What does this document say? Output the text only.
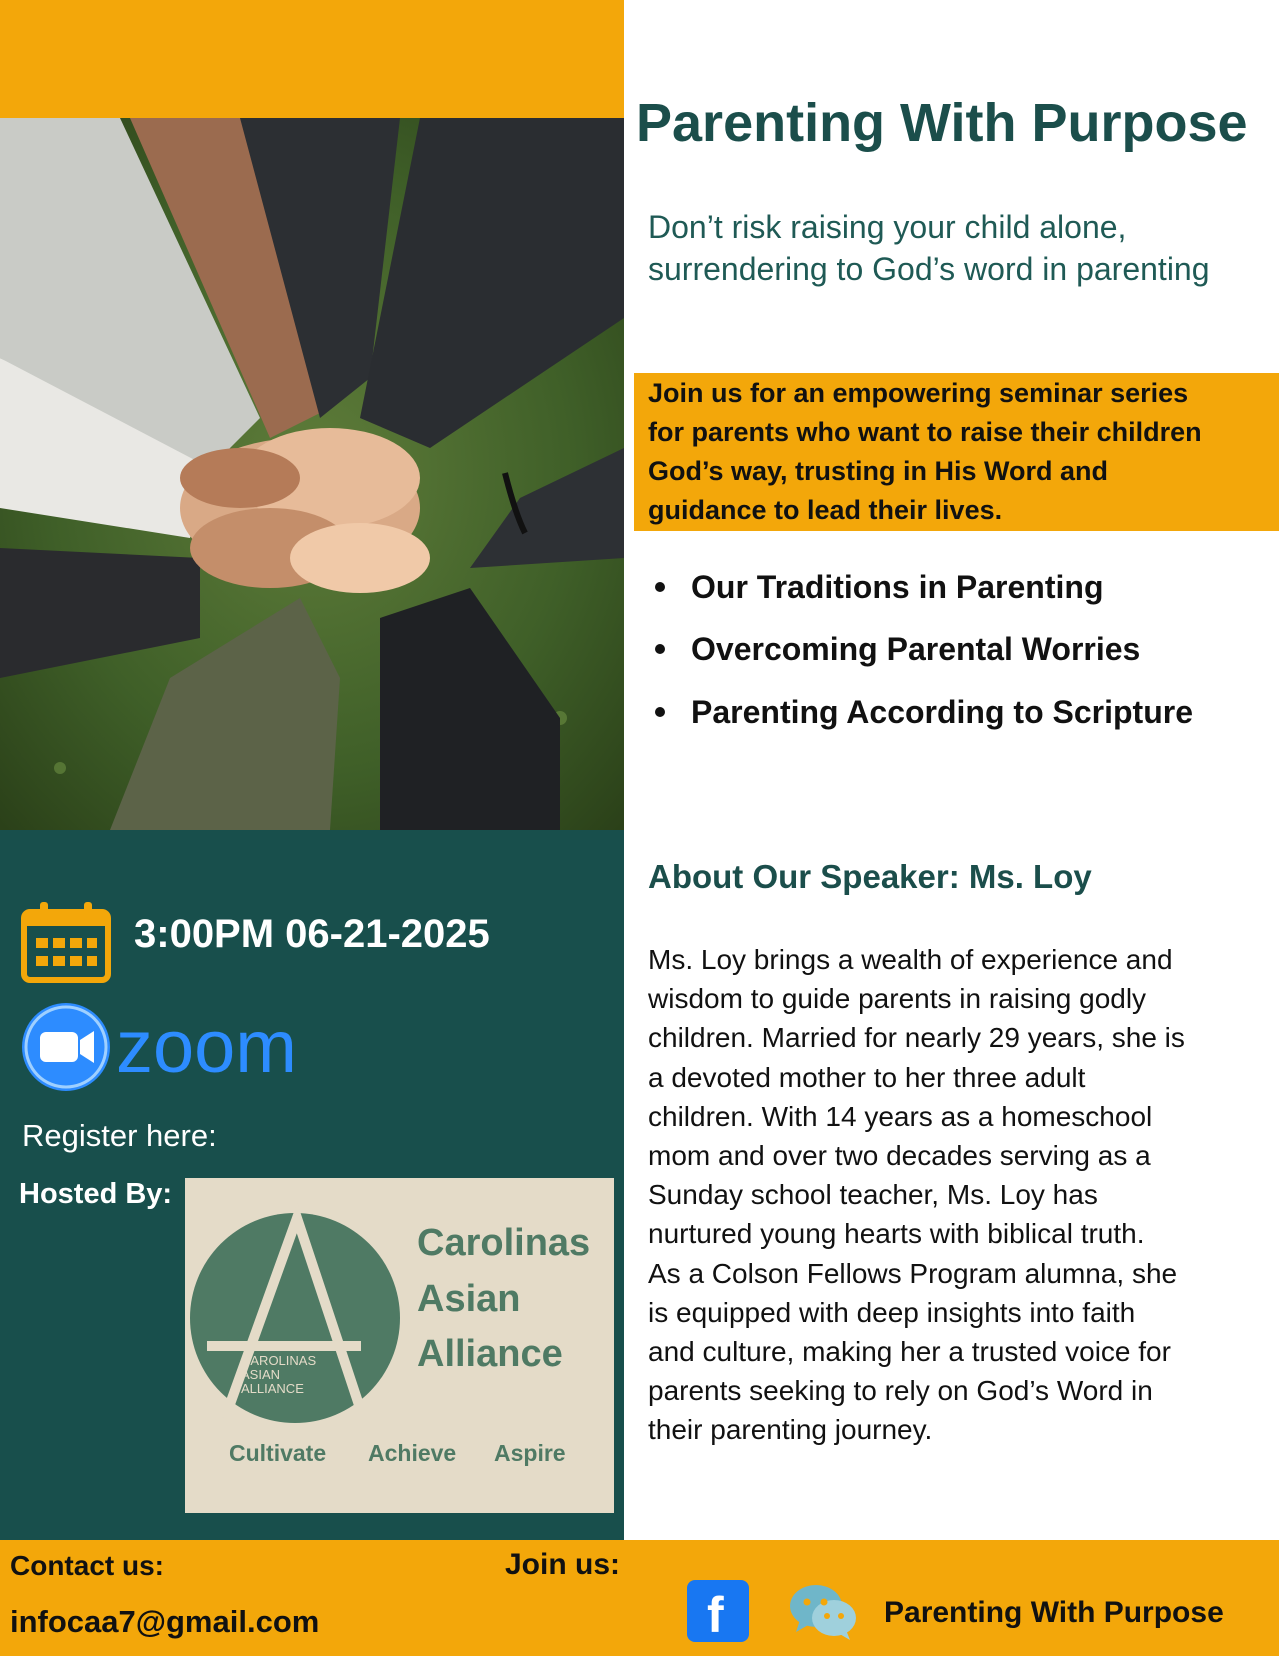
3:00PM 06-21-2025
zoom
Register here:
Hosted By:
CAROLINAS
ASIAN
ALLIANCE
Carolinas
Asian
Alliance
Cultivate Achieve Aspire
Parenting With Purpose
Don’t risk raising your child alone,
surrendering to God’s word in parenting
Join us for an empowering seminar series
for parents who want to raise their children
God’s way, trusting in His Word and
guidance to lead their lives.
Our Traditions in Parenting
Overcoming Parental Worries
Parenting According to Scripture
About Our Speaker: Ms. Loy
Ms. Loy brings a wealth of experience and
wisdom to guide parents in raising godly
children. Married for nearly 29 years, she is
a devoted mother to her three adult
children. With 14 years as a homeschool
mom and over two decades serving as a
Sunday school teacher, Ms. Loy has
nurtured young hearts with biblical truth.
As a Colson Fellows Program alumna, she
is equipped with deep insights into faith
and culture, making her a trusted voice for
parents seeking to rely on God’s Word in
their parenting journey.
Contact us:
infocaa7@gmail.com
Join us:
f	Parenting With Purpose
